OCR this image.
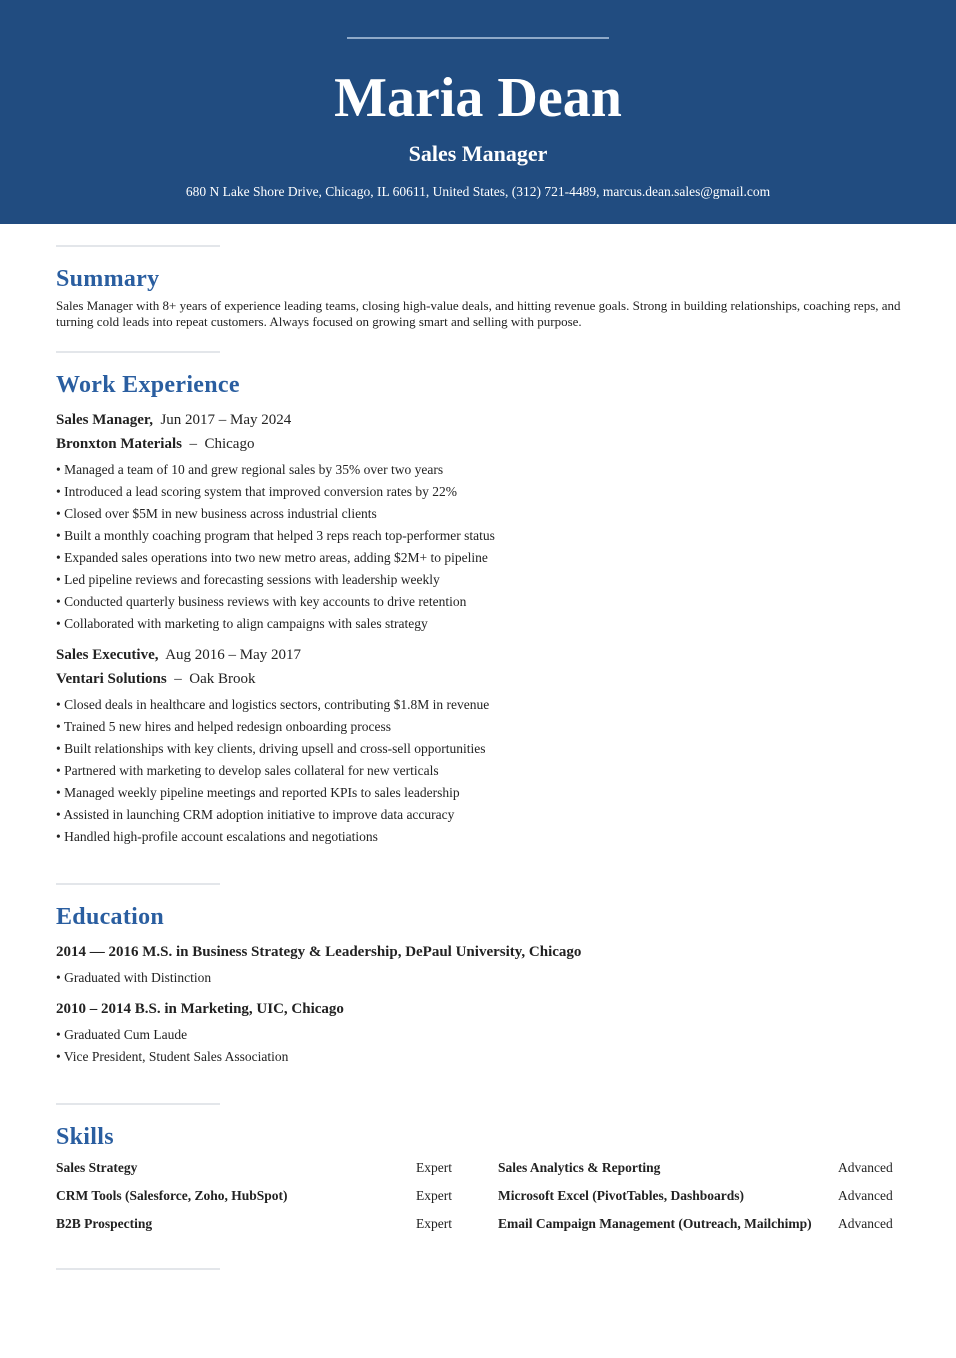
Maria Dean
Sales Manager
680 N Lake Shore Drive, Chicago, IL 60611, United States, (312) 721-4489, marcus.dean.sales@gmail.com
Summary
Sales Manager with 8+ years of experience leading teams, closing high-value deals, and hitting revenue goals. Strong in building relationships, coaching reps, and turning cold leads into repeat customers. Always focused on growing smart and selling with purpose.
Work Experience
Sales Manager, Jun 2017 – May 2024
Bronxton Materials – Chicago
• Managed a team of 10 and grew regional sales by 35% over two years
• Introduced a lead scoring system that improved conversion rates by 22%
• Closed over $5M in new business across industrial clients
• Built a monthly coaching program that helped 3 reps reach top-performer status
• Expanded sales operations into two new metro areas, adding $2M+ to pipeline
• Led pipeline reviews and forecasting sessions with leadership weekly
• Conducted quarterly business reviews with key accounts to drive retention
• Collaborated with marketing to align campaigns with sales strategy
Sales Executive, Aug 2016 – May 2017
Ventari Solutions – Oak Brook
• Closed deals in healthcare and logistics sectors, contributing $1.8M in revenue
• Trained 5 new hires and helped redesign onboarding process
• Built relationships with key clients, driving upsell and cross-sell opportunities
• Partnered with marketing to develop sales collateral for new verticals
• Managed weekly pipeline meetings and reported KPIs to sales leadership
• Assisted in launching CRM adoption initiative to improve data accuracy
• Handled high-profile account escalations and negotiations
Education
2014 — 2016 M.S. in Business Strategy & Leadership, DePaul University, Chicago
• Graduated with Distinction
2010 – 2014 B.S. in Marketing, UIC, Chicago
• Graduated Cum Laude
• Vice President, Student Sales Association
Skills
Sales Strategy	Expert	Sales Analytics & Reporting	Advanced
CRM Tools (Salesforce, Zoho, HubSpot)	Expert	Microsoft Excel (PivotTables, Dashboards)	Advanced
B2B Prospecting	Expert	Email Campaign Management (Outreach, Mailchimp)	Advanced
